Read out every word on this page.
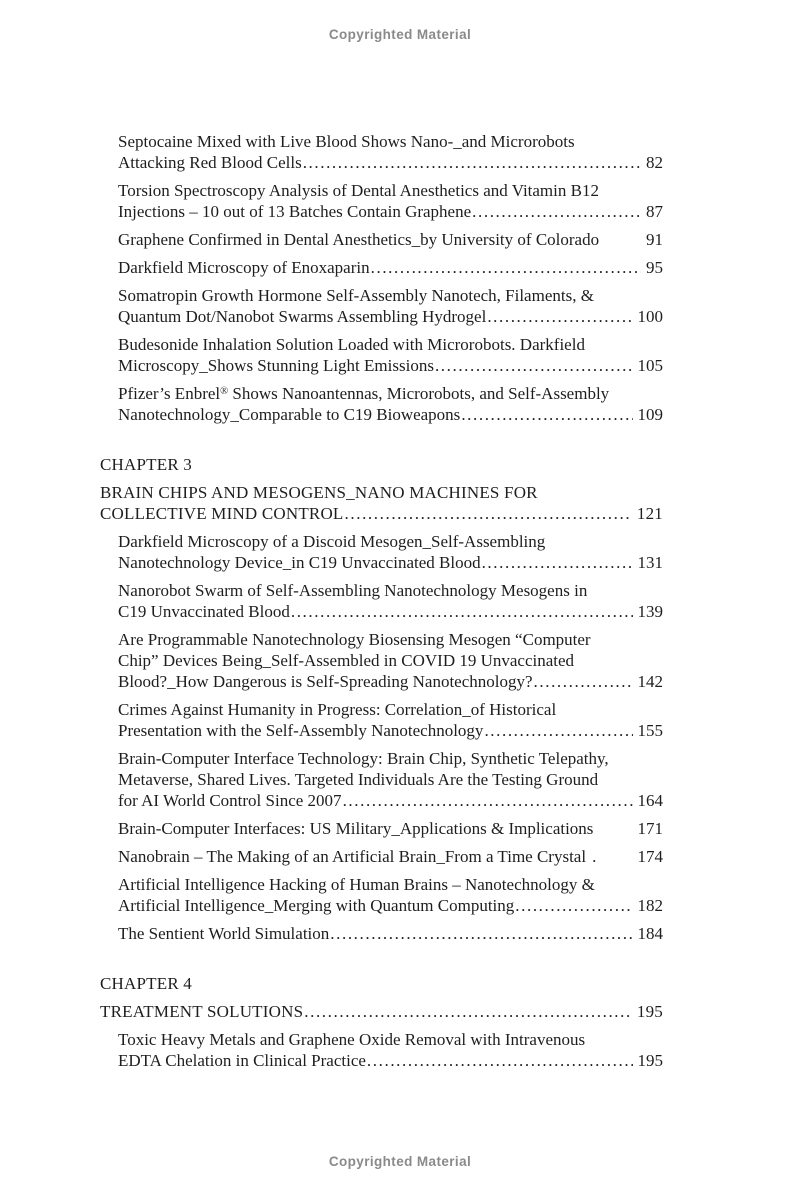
Copyrighted Material
Septocaine Mixed with Live Blood Shows Nano-_and Microrobots
Attacking Red Blood Cells .....	82
Torsion Spectroscopy Analysis of Dental Anesthetics and Vitamin B12
Injections – 10 out of 13 Batches Contain Graphene .....	87
Graphene Confirmed in Dental Anesthetics_by University of Colorado	91
Darkfield Microscopy of Enoxaparin .....	95
Somatropin Growth Hormone Self-Assembly Nanotech, Filaments, &
Quantum Dot/Nanobot Swarms Assembling Hydrogel .....	100
Budesonide Inhalation Solution Loaded with Microrobots. Darkfield
Microscopy_Shows Stunning Light Emissions .....	105
Pfizer’s Enbrel® Shows Nanoantennas, Microrobots, and Self-Assembly
Nanotechnology_Comparable to C19 Bioweapons .....	109
CHAPTER 3
BRAIN CHIPS AND MESOGENS_NANO MACHINES FOR
COLLECTIVE MIND CONTROL .....	121
Darkfield Microscopy of a Discoid Mesogen_Self-Assembling
Nanotechnology Device_in C19 Unvaccinated Blood .....	131
Nanorobot Swarm of Self-Assembling Nanotechnology Mesogens in
C19 Unvaccinated Blood .....	139
Are Programmable Nanotechnology Biosensing Mesogen “Computer
Chip” Devices Being_Self-Assembled in COVID 19 Unvaccinated
Blood?_How Dangerous is Self-Spreading Nanotechnology? .....	142
Crimes Against Humanity in Progress: Correlation_of Historical
Presentation with the Self-Assembly Nanotechnology .....	155
Brain-Computer Interface Technology: Brain Chip, Synthetic Telepathy,
Metaverse, Shared Lives. Targeted Individuals Are the Testing Ground
for AI World Control Since 2007 .....	164
Brain-Computer Interfaces: US Military_Applications & Implications	171
Nanobrain – The Making of an Artificial Brain_From a Time Crystal .	174
Artificial Intelligence Hacking of Human Brains – Nanotechnology &
Artificial Intelligence_Merging with Quantum Computing .....	182
The Sentient World Simulation .....	184
CHAPTER 4
TREATMENT SOLUTIONS .....	195
Toxic Heavy Metals and Graphene Oxide Removal with Intravenous
EDTA Chelation in Clinical Practice .....	195
Copyrighted Material
